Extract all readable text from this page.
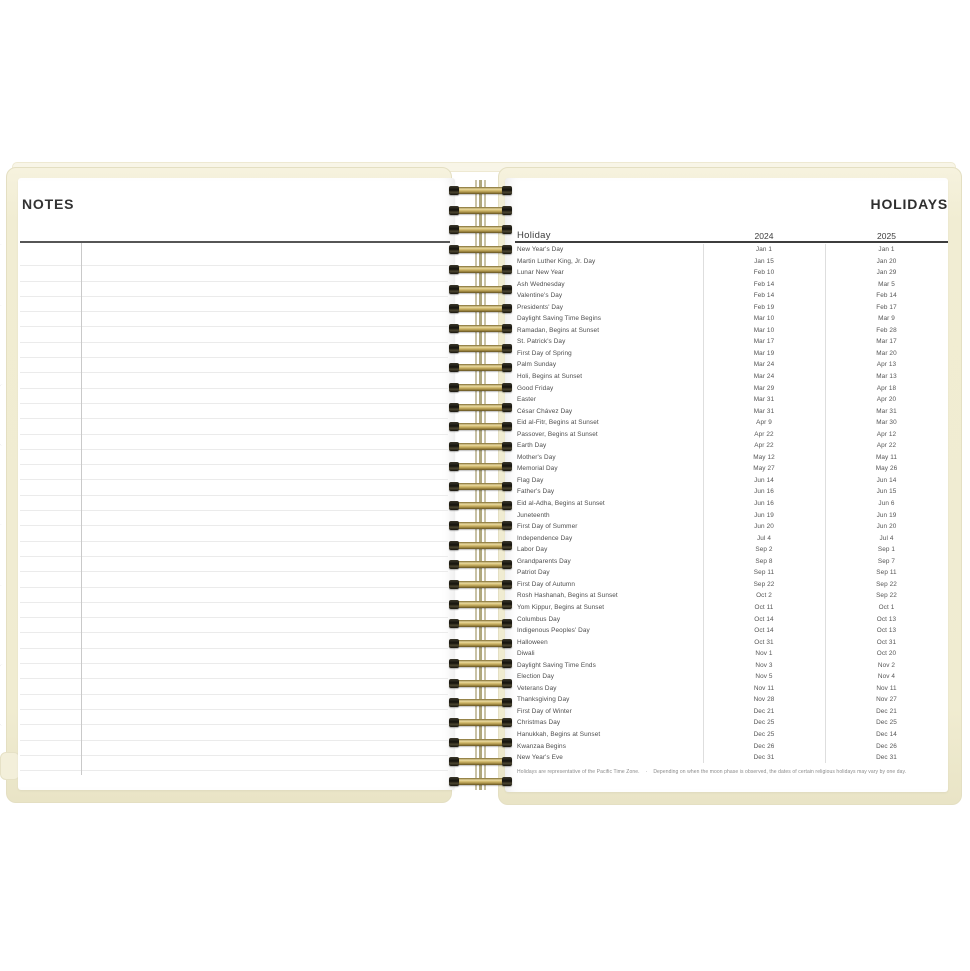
NOTES	HOLIDAYS
Holiday	2024	2025
New Year's Day	Jan 1	Jan 1
Martin Luther King, Jr. Day	Jan 15	Jan 20
Lunar New Year	Feb 10	Jan 29
Ash Wednesday	Feb 14	Mar 5
Valentine's Day	Feb 14	Feb 14
Presidents' Day	Feb 19	Feb 17
Daylight Saving Time Begins	Mar 10	Mar 9
Ramadan, Begins at Sunset	Mar 10	Feb 28
St. Patrick's Day	Mar 17	Mar 17
First Day of Spring	Mar 19	Mar 20
Palm Sunday	Mar 24	Apr 13
Holi, Begins at Sunset	Mar 24	Mar 13
Good Friday	Mar 29	Apr 18
Easter	Mar 31	Apr 20
César Chávez Day	Mar 31	Mar 31
Eid al-Fitr, Begins at Sunset	Apr 9	Mar 30
Passover, Begins at Sunset	Apr 22	Apr 12
Earth Day	Apr 22	Apr 22
Mother's Day	May 12	May 11
Memorial Day	May 27	May 26
Flag Day	Jun 14	Jun 14
Father's Day	Jun 16	Jun 15
Eid al-Adha, Begins at Sunset	Jun 16	Jun 6
Juneteenth	Jun 19	Jun 19
First Day of Summer	Jun 20	Jun 20
Independence Day	Jul 4	Jul 4
Labor Day	Sep 2	Sep 1
Grandparents Day	Sep 8	Sep 7
Patriot Day	Sep 11	Sep 11
First Day of Autumn	Sep 22	Sep 22
Rosh Hashanah, Begins at Sunset	Oct 2	Sep 22
Yom Kippur, Begins at Sunset	Oct 11	Oct 1
Columbus Day	Oct 14	Oct 13
Indigenous Peoples' Day	Oct 14	Oct 13
Halloween	Oct 31	Oct 31
Diwali	Nov 1	Oct 20
Daylight Saving Time Ends	Nov 3	Nov 2
Election Day	Nov 5	Nov 4
Veterans Day	Nov 11	Nov 11
Thanksgiving Day	Nov 28	Nov 27
First Day of Winter	Dec 21	Dec 21
Christmas Day	Dec 25	Dec 25
Hanukkah, Begins at Sunset	Dec 25	Dec 14
Kwanzaa Begins	Dec 26	Dec 26
New Year's Eve	Dec 31	Dec 31
Holidays are representative of the Pacific Time Zone. · Depending on when the moon phase is observed, the dates of certain religious holidays may vary by one day.
